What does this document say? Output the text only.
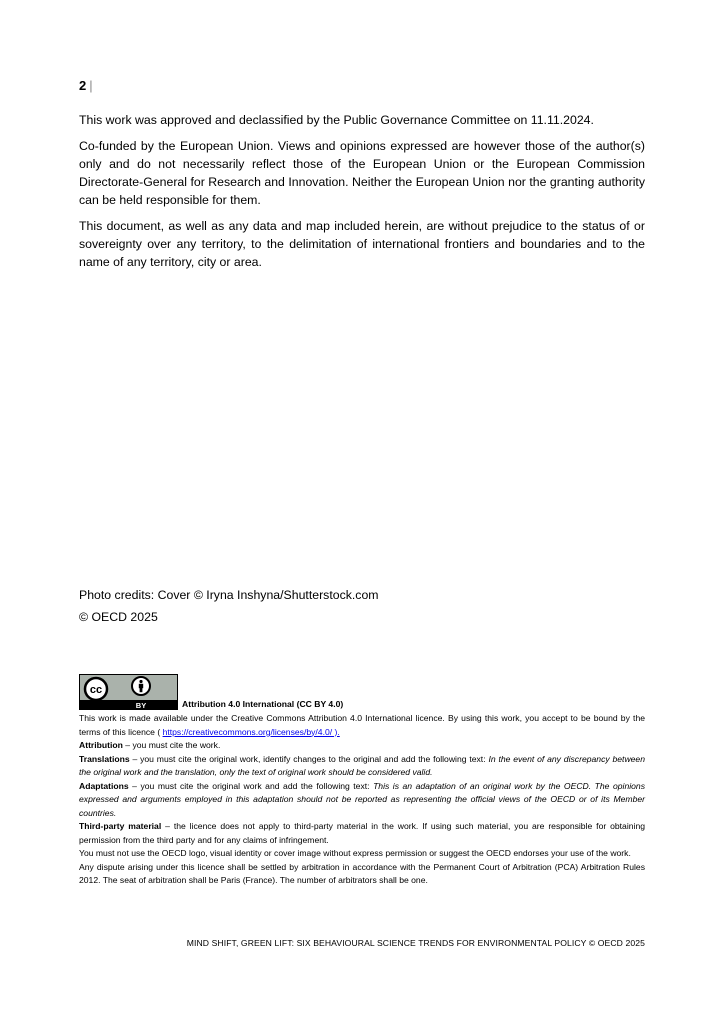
2 |

This work was approved and declassified by the Public Governance Committee on 11.11.2024.

Co-funded by the European Union. Views and opinions expressed are however those of the author(s) only and do not necessarily reflect those of the European Union or the European Commission Directorate-General for Research and Innovation. Neither the European Union nor the granting authority can be held responsible for them.

This document, as well as any data and map included herein, are without prejudice to the status of or sovereignty over any territory, to the delimitation of international frontiers and boundaries and to the name of any territory, city or area.

Photo credits: Cover © Iryna Inshyna/Shutterstock.com
© OECD 2025
cc
BY	Attribution 4.0 International (CC BY 4.0)

This work is made available under the Creative Commons Attribution 4.0 International licence. By using this work, you accept to be bound by the terms of this licence ( https://creativecommons.org/licenses/by/4.0/ ).

Attribution – you must cite the work.

Translations – you must cite the original work, identify changes to the original and add the following text: In the event of any discrepancy between the original work and the translation, only the text of original work should be considered valid.

Adaptations – you must cite the original work and add the following text: This is an adaptation of an original work by the OECD. The opinions expressed and arguments employed in this adaptation should not be reported as representing the official views of the OECD or of its Member countries.

Third-party material – the licence does not apply to third-party material in the work. If using such material, you are responsible for obtaining permission from the third party and for any claims of infringement.

You must not use the OECD logo, visual identity or cover image without express permission or suggest the OECD endorses your use of the work.

Any dispute arising under this licence shall be settled by arbitration in accordance with the Permanent Court of Arbitration (PCA) Arbitration Rules 2012. The seat of arbitration shall be Paris (France). The number of arbitrators shall be one.

MIND SHIFT, GREEN LIFT: SIX BEHAVIOURAL SCIENCE TRENDS FOR ENVIRONMENTAL POLICY © OECD 2025
